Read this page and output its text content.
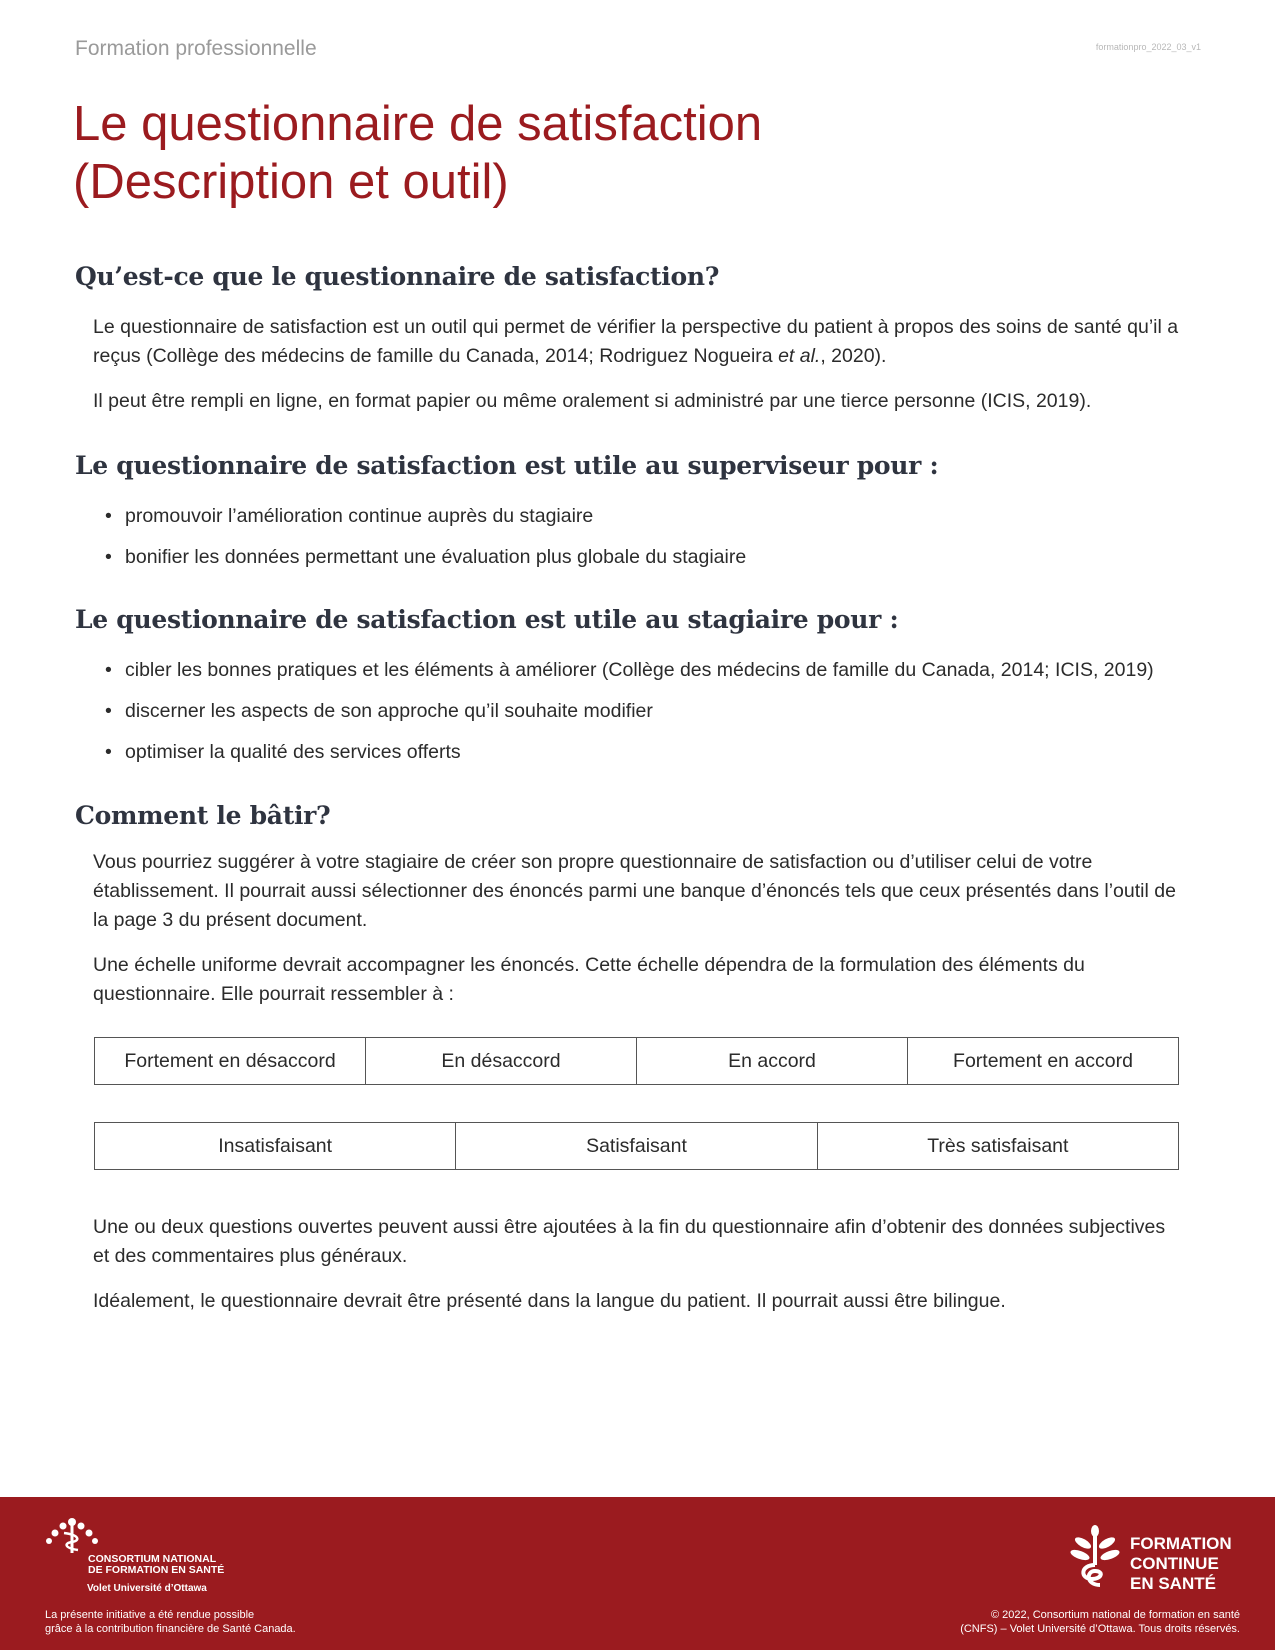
Formation professionnelle	formationpro_2022_03_v1
Le questionnaire de satisfaction
(Description et outil)
Qu’est-ce que le questionnaire de satisfaction?

Le questionnaire de satisfaction est un outil qui permet de vérifier la perspective du patient à propos des soins de santé qu’il a reçus (Collège des médecins de famille du Canada, 2014; Rodriguez Nogueira et al., 2020).

Il peut être rempli en ligne, en format papier ou même oralement si administré par une tierce personne (ICIS, 2019).

Le questionnaire de satisfaction est utile au superviseur pour :
• promouvoir l’amélioration continue auprès du stagiaire
• bonifier les données permettant une évaluation plus globale du stagiaire
Le questionnaire de satisfaction est utile au stagiaire pour :
• cibler les bonnes pratiques et les éléments à améliorer (Collège des médecins de famille du Canada, 2014; ICIS, 2019)
• discerner les aspects de son approche qu’il souhaite modifier
• optimiser la qualité des services offerts
Comment le bâtir?

Vous pourriez suggérer à votre stagiaire de créer son propre questionnaire de satisfaction ou d’utiliser celui de votre établissement. Il pourrait aussi sélectionner des énoncés parmi une banque d’énoncés tels que ceux présentés dans l’outil de la page 3 du présent document.

Une échelle uniforme devrait accompagner les énoncés. Cette échelle dépendra de la formulation des éléments du questionnaire. Elle pourrait ressembler à :

Fortement en désaccord	En désaccord	En accord	Fortement en accord
Insatisfaisant	Satisfaisant	Très satisfaisant

Une ou deux questions ouvertes peuvent aussi être ajoutées à la fin du questionnaire afin d’obtenir des données subjectives et des commentaires plus généraux.

Idéalement, le questionnaire devrait être présenté dans la langue du patient. Il pourrait aussi être bilingue.

CONSORTIUM NATIONAL
DE FORMATION EN SANTÉ
Volet Université d’Ottawa
La présente initiative a été rendue possible
grâce à la contribution financière de Santé Canada.
FORMATION
CONTINUE
EN SANTÉ
© 2022, Consortium national de formation en santé
(CNFS) – Volet Université d’Ottawa. Tous droits réservés.
